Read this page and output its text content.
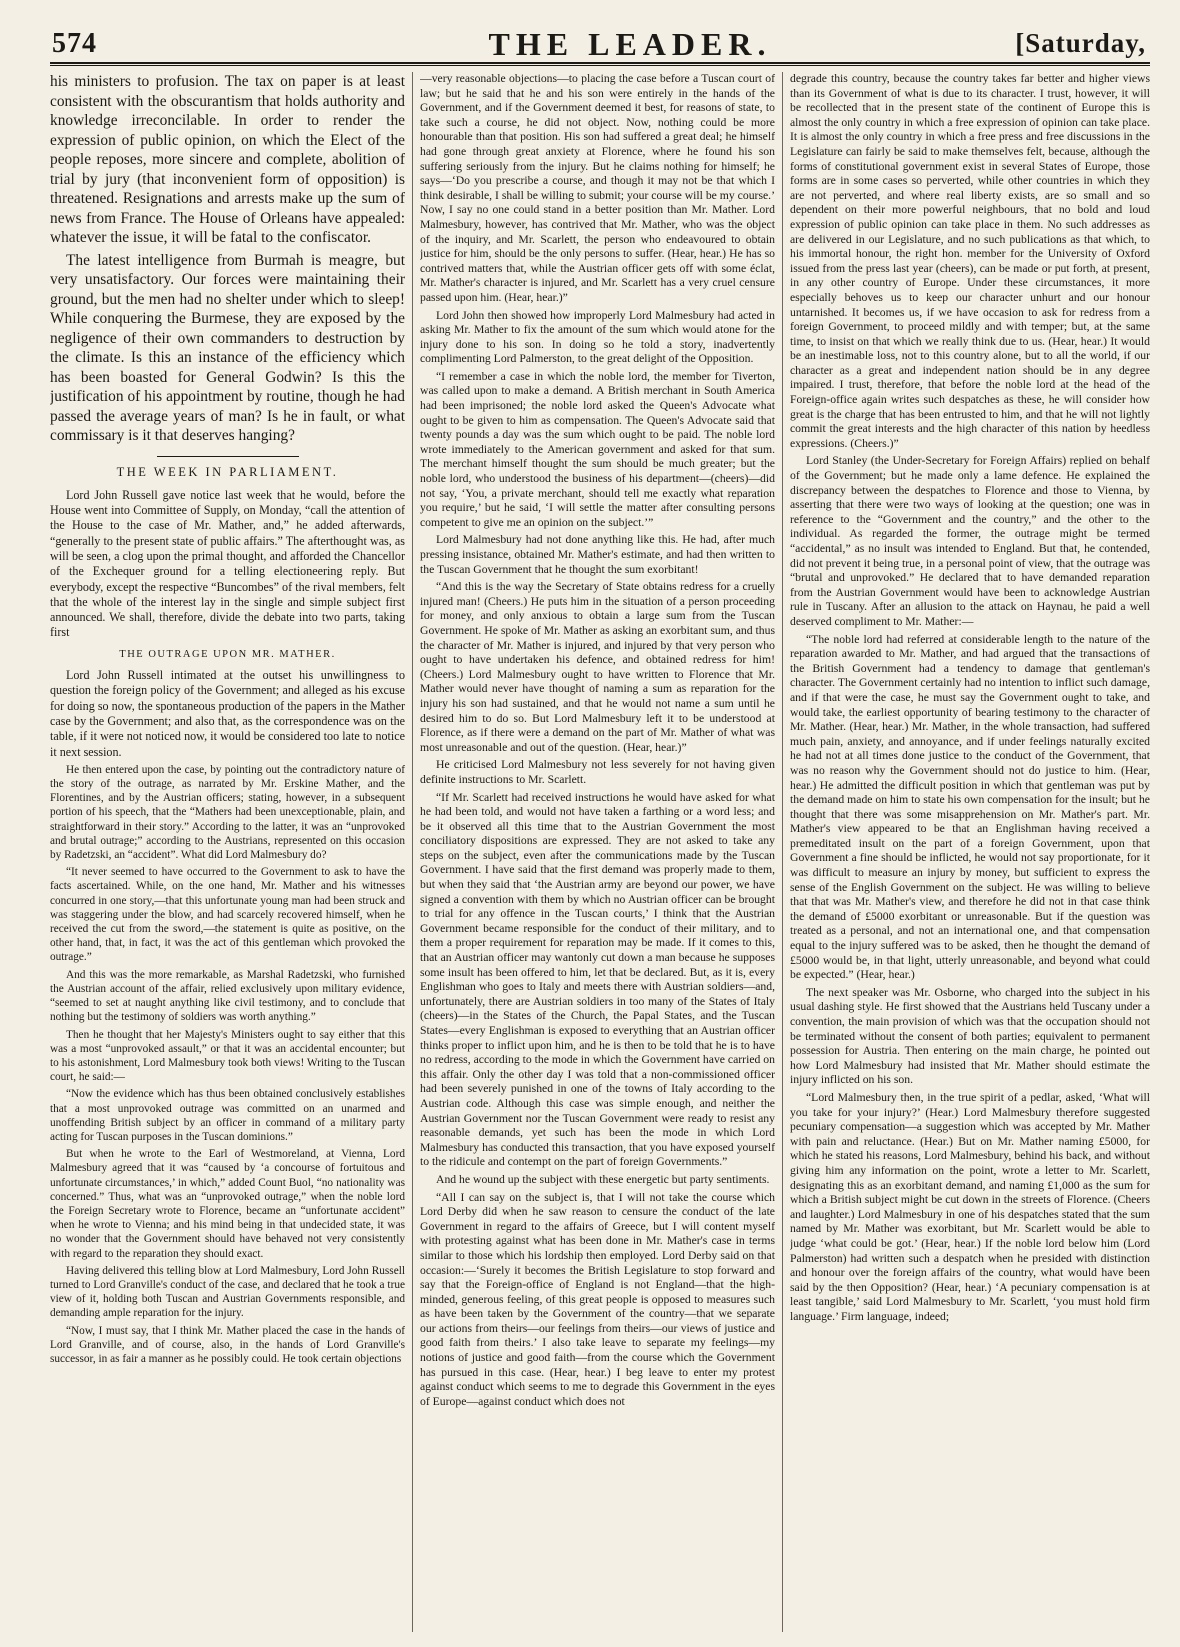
574	THE LEADER.	[Saturday,

his ministers to profusion. The tax on paper is at least consistent with the obscurantism that holds authority and knowledge irreconcilable. In order to render the expression of public opinion, on which the Elect of the people reposes, more sincere and complete, abolition of trial by jury (that inconvenient form of opposition) is threatened. Resignations and arrests make up the sum of news from France. The House of Orleans have appealed: whatever the issue, it will be fatal to the confiscator.

The latest intelligence from Burmah is meagre, but very unsatisfactory. Our forces were maintaining their ground, but the men had no shelter under which to sleep! While conquering the Burmese, they are exposed by the negligence of their own commanders to destruction by the climate. Is this an instance of the efficiency which has been boasted for General Godwin? Is this the justification of his appointment by routine, though he had passed the average years of man? Is he in fault, or what commissary is it that deserves hanging?

THE WEEK IN PARLIAMENT.

Lord John Russell gave notice last week that he would, before the House went into Committee of Supply, on Monday, “call the attention of the House to the case of Mr. Mather, and,” he added afterwards, “generally to the present state of public affairs.” The afterthought was, as will be seen, a clog upon the primal thought, and afforded the Chancellor of the Exchequer ground for a telling electioneering reply. But everybody, except the respective “Buncombes” of the rival members, felt that the whole of the interest lay in the single and simple subject first announced. We shall, therefore, divide the debate into two parts, taking first

THE OUTRAGE UPON MR. MATHER.

Lord John Russell intimated at the outset his unwillingness to question the foreign policy of the Government; and alleged as his excuse for doing so now, the spontaneous production of the papers in the Mather case by the Government; and also that, as the correspondence was on the table, if it were not noticed now, it would be considered too late to notice it next session.

He then entered upon the case, by pointing out the contradictory nature of the story of the outrage, as narrated by Mr. Erskine Mather, and the Florentines, and by the Austrian officers; stating, however, in a subsequent portion of his speech, that the “Mathers had been unexceptionable, plain, and straightforward in their story.” According to the latter, it was an “unprovoked and brutal outrage;” according to the Austrians, represented on this occasion by Radetzski, an “accident”. What did Lord Malmesbury do?

“It never seemed to have occurred to the Government to ask to have the facts ascertained. While, on the one hand, Mr. Mather and his witnesses concurred in one story,—that this unfortunate young man had been struck and was staggering under the blow, and had scarcely recovered himself, when he received the cut from the sword,—the statement is quite as positive, on the other hand, that, in fact, it was the act of this gentleman which provoked the outrage.”

And this was the more remarkable, as Marshal Radetzski, who furnished the Austrian account of the affair, relied exclusively upon military evidence, “seemed to set at naught anything like civil testimony, and to conclude that nothing but the testimony of soldiers was worth anything.”

Then he thought that her Majesty's Ministers ought to say either that this was a most “unprovoked assault,” or that it was an accidental encounter; but to his astonishment, Lord Malmesbury took both views! Writing to the Tuscan court, he said:—

“Now the evidence which has thus been obtained conclusively establishes that a most unprovoked outrage was committed on an unarmed and unoffending British subject by an officer in command of a military party acting for Tuscan purposes in the Tuscan dominions.”

But when he wrote to the Earl of Westmoreland, at Vienna, Lord Malmesbury agreed that it was “caused by ‘a concourse of fortuitous and unfortunate circumstances,’ in which,” added Count Buol, “no nationality was concerned.” Thus, what was an “unprovoked outrage,” when the noble lord the Foreign Secretary wrote to Florence, became an “unfortunate accident” when he wrote to Vienna; and his mind being in that undecided state, it was no wonder that the Government should have behaved not very consistently with regard to the reparation they should exact.

Having delivered this telling blow at Lord Malmesbury, Lord John Russell turned to Lord Granville's conduct of the case, and declared that he took a true view of it, holding both Tuscan and Austrian Governments responsible, and demanding ample reparation for the injury.

“Now, I must say, that I think Mr. Mather placed the case in the hands of Lord Granville, and of course, also, in the hands of Lord Granville's successor, in as fair a manner as he possibly could. He took certain objections

—very reasonable objections—to placing the case before a Tuscan court of law; but he said that he and his son were entirely in the hands of the Government, and if the Government deemed it best, for reasons of state, to take such a course, he did not object. Now, nothing could be more honourable than that position. His son had suffered a great deal; he himself had gone through great anxiety at Florence, where he found his son suffering seriously from the injury. But he claims nothing for himself; he says—‘Do you prescribe a course, and though it may not be that which I think desirable, I shall be willing to submit; your course will be my course.’ Now, I say no one could stand in a better position than Mr. Mather. Lord Malmesbury, however, has contrived that Mr. Mather, who was the object of the inquiry, and Mr. Scarlett, the person who endeavoured to obtain justice for him, should be the only persons to suffer. (Hear, hear.) He has so contrived matters that, while the Austrian officer gets off with some éclat, Mr. Mather's character is injured, and Mr. Scarlett has a very cruel censure passed upon him. (Hear, hear.)”

Lord John then showed how improperly Lord Malmesbury had acted in asking Mr. Mather to fix the amount of the sum which would atone for the injury done to his son. In doing so he told a story, inadvertently complimenting Lord Palmerston, to the great delight of the Opposition.

“I remember a case in which the noble lord, the member for Tiverton, was called upon to make a demand. A British merchant in South America had been imprisoned; the noble lord asked the Queen's Advocate what ought to be given to him as compensation. The Queen's Advocate said that twenty pounds a day was the sum which ought to be paid. The noble lord wrote immediately to the American government and asked for that sum. The merchant himself thought the sum should be much greater; but the noble lord, who understood the business of his department—(cheers)—did not say, ‘You, a private merchant, should tell me exactly what reparation you require,’ but he said, ‘I will settle the matter after consulting persons competent to give me an opinion on the subject.’”

Lord Malmesbury had not done anything like this. He had, after much pressing insistance, obtained Mr. Mather's estimate, and had then written to the Tuscan Government that he thought the sum exorbitant!

“And this is the way the Secretary of State obtains redress for a cruelly injured man! (Cheers.) He puts him in the situation of a person proceeding for money, and only anxious to obtain a large sum from the Tuscan Government. He spoke of Mr. Mather as asking an exorbitant sum, and thus the character of Mr. Mather is injured, and injured by that very person who ought to have undertaken his defence, and obtained redress for him! (Cheers.) Lord Malmesbury ought to have written to Florence that Mr. Mather would never have thought of naming a sum as reparation for the injury his son had sustained, and that he would not name a sum until he desired him to do so. But Lord Malmesbury left it to be understood at Florence, as if there were a demand on the part of Mr. Mather of what was most unreasonable and out of the question. (Hear, hear.)”

He criticised Lord Malmesbury not less severely for not having given definite instructions to Mr. Scarlett.

“If Mr. Scarlett had received instructions he would have asked for what he had been told, and would not have taken a farthing or a word less; and be it observed all this time that to the Austrian Government the most conciliatory dispositions are expressed. They are not asked to take any steps on the subject, even after the communications made by the Tuscan Government. I have said that the first demand was properly made to them, but when they said that ‘the Austrian army are beyond our power, we have signed a convention with them by which no Austrian officer can be brought to trial for any offence in the Tuscan courts,’ I think that the Austrian Government became responsible for the conduct of their military, and to them a proper requirement for reparation may be made. If it comes to this, that an Austrian officer may wantonly cut down a man because he supposes some insult has been offered to him, let that be declared. But, as it is, every Englishman who goes to Italy and meets there with Austrian soldiers—and, unfortunately, there are Austrian soldiers in too many of the States of Italy (cheers)—in the States of the Church, the Papal States, and the Tuscan States—every Englishman is exposed to everything that an Austrian officer thinks proper to inflict upon him, and he is then to be told that he is to have no redress, according to the mode in which the Government have carried on this affair. Only the other day I was told that a non-commissioned officer had been severely punished in one of the towns of Italy according to the Austrian code. Although this case was simple enough, and neither the Austrian Government nor the Tuscan Government were ready to resist any reasonable demands, yet such has been the mode in which Lord Malmesbury has conducted this transaction, that you have exposed yourself to the ridicule and contempt on the part of foreign Governments.”

And he wound up the subject with these energetic but party sentiments.

“All I can say on the subject is, that I will not take the course which Lord Derby did when he saw reason to censure the conduct of the late Government in regard to the affairs of Greece, but I will content myself with protesting against what has been done in Mr. Mather's case in terms similar to those which his lordship then employed. Lord Derby said on that occasion:—‘Surely it becomes the British Legislature to stop forward and say that the Foreign-office of England is not England—that the high-minded, generous feeling, of this great people is opposed to measures such as have been taken by the Government of the country—that we separate our actions from theirs—our feelings from theirs—our views of justice and good faith from theirs.’ I also take leave to separate my feelings—my notions of justice and good faith—from the course which the Government has pursued in this case. (Hear, hear.) I beg leave to enter my protest against conduct which seems to me to degrade this Government in the eyes of Europe—against conduct which does not

degrade this country, because the country takes far better and higher views than its Government of what is due to its character. I trust, however, it will be recollected that in the present state of the continent of Europe this is almost the only country in which a free expression of opinion can take place. It is almost the only country in which a free press and free discussions in the Legislature can fairly be said to make themselves felt, because, although the forms of constitutional government exist in several States of Europe, those forms are in some cases so perverted, while other countries in which they are not perverted, and where real liberty exists, are so small and so dependent on their more powerful neighbours, that no bold and loud expression of public opinion can take place in them. No such addresses as are delivered in our Legislature, and no such publications as that which, to his immortal honour, the right hon. member for the University of Oxford issued from the press last year (cheers), can be made or put forth, at present, in any other country of Europe. Under these circumstances, it more especially behoves us to keep our character unhurt and our honour untarnished. It becomes us, if we have occasion to ask for redress from a foreign Government, to proceed mildly and with temper; but, at the same time, to insist on that which we really think due to us. (Hear, hear.) It would be an inestimable loss, not to this country alone, but to all the world, if our character as a great and independent nation should be in any degree impaired. I trust, therefore, that before the noble lord at the head of the Foreign-office again writes such despatches as these, he will consider how great is the charge that has been entrusted to him, and that he will not lightly commit the great interests and the high character of this nation by heedless expressions. (Cheers.)”

Lord Stanley (the Under-Secretary for Foreign Affairs) replied on behalf of the Government; but he made only a lame defence. He explained the discrepancy between the despatches to Florence and those to Vienna, by asserting that there were two ways of looking at the question; one was in reference to the “Government and the country,” and the other to the individual. As regarded the former, the outrage might be termed “accidental,” as no insult was intended to England. But that, he contended, did not prevent it being true, in a personal point of view, that the outrage was “brutal and unprovoked.” He declared that to have demanded reparation from the Austrian Government would have been to acknowledge Austrian rule in Tuscany. After an allusion to the attack on Haynau, he paid a well deserved compliment to Mr. Mather:—

“The noble lord had referred at considerable length to the nature of the reparation awarded to Mr. Mather, and had argued that the transactions of the British Government had a tendency to damage that gentleman's character. The Government certainly had no intention to inflict such damage, and if that were the case, he must say the Government ought to take, and would take, the earliest opportunity of bearing testimony to the character of Mr. Mather. (Hear, hear.) Mr. Mather, in the whole transaction, had suffered much pain, anxiety, and annoyance, and if under feelings naturally excited he had not at all times done justice to the conduct of the Government, that was no reason why the Government should not do justice to him. (Hear, hear.) He admitted the difficult position in which that gentleman was put by the demand made on him to state his own compensation for the insult; but he thought that there was some misapprehension on Mr. Mather's part. Mr. Mather's view appeared to be that an Englishman having received a premeditated insult on the part of a foreign Government, upon that Government a fine should be inflicted, he would not say proportionate, for it was difficult to measure an injury by money, but sufficient to express the sense of the English Government on the subject. He was willing to believe that that was Mr. Mather's view, and therefore he did not in that case think the demand of £5000 exorbitant or unreasonable. But if the question was treated as a personal, and not an international one, and that compensation equal to the injury suffered was to be asked, then he thought the demand of £5000 would be, in that light, utterly unreasonable, and beyond what could be expected.” (Hear, hear.)

The next speaker was Mr. Osborne, who charged into the subject in his usual dashing style. He first showed that the Austrians held Tuscany under a convention, the main provision of which was that the occupation should not be terminated without the consent of both parties; equivalent to permanent possession for Austria. Then entering on the main charge, he pointed out how Lord Malmesbury had insisted that Mr. Mather should estimate the injury inflicted on his son.

“Lord Malmesbury then, in the true spirit of a pedlar, asked, ‘What will you take for your injury?’ (Hear.) Lord Malmesbury therefore suggested pecuniary compensation—a suggestion which was accepted by Mr. Mather with pain and reluctance. (Hear.) But on Mr. Mather naming £5000, for which he stated his reasons, Lord Malmesbury, behind his back, and without giving him any information on the point, wrote a letter to Mr. Scarlett, designating this as an exorbitant demand, and naming £1,000 as the sum for which a British subject might be cut down in the streets of Florence. (Cheers and laughter.) Lord Malmesbury in one of his despatches stated that the sum named by Mr. Mather was exorbitant, but Mr. Scarlett would be able to judge ‘what could be got.’ (Hear, hear.) If the noble lord below him (Lord Palmerston) had written such a despatch when he presided with distinction and honour over the foreign affairs of the country, what would have been said by the then Opposition? (Hear, hear.) ‘A pecuniary compensation is at least tangible,’ said Lord Malmesbury to Mr. Scarlett, ‘you must hold firm language.’ Firm language, indeed;
